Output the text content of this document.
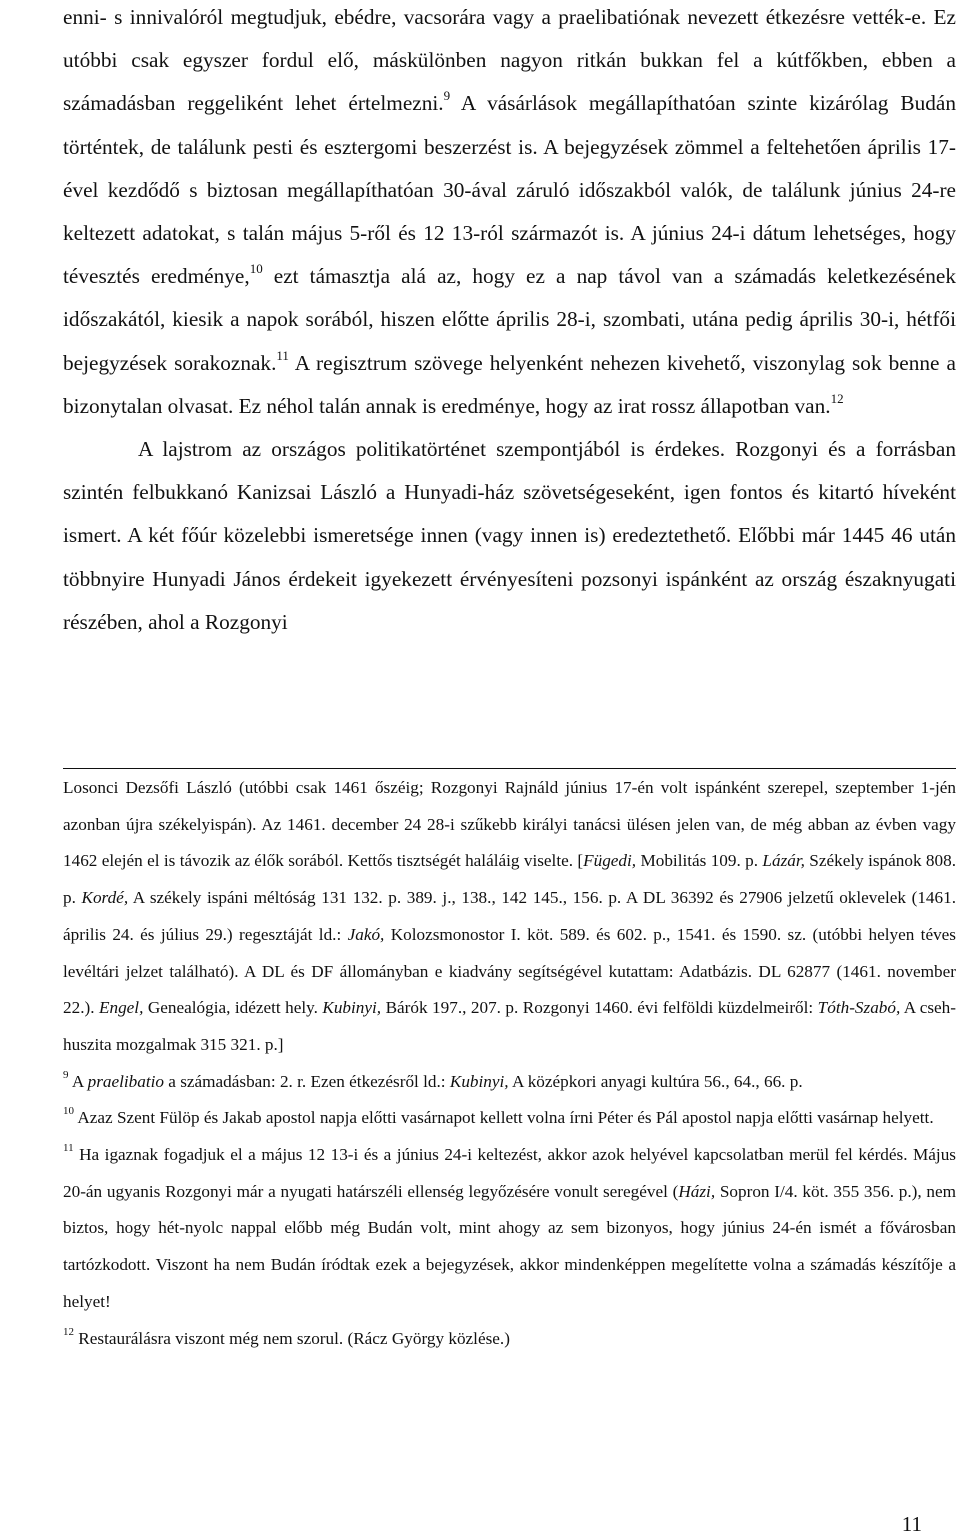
enni- s innivalóról megtudjuk, ebédre, vacsorára vagy a praelibatiónak nevezett étkezésre vették-e. Ez utóbbi csak egyszer fordul elő, máskülönben nagyon ritkán bukkan fel a kútfőkben, ebben a számadásban reggeliként lehet értelmezni.$^9$ A vásárlások megállapíthatóan szinte kizárólag Budán történtek, de találunk pesti és esztergomi beszerzést is. A bejegyzések zömmel a feltehetően április 17-ével kezdődő s biztosan megállapíthatóan 30-ával záruló időszakból valók, de találunk június 24-re keltezett adatokat, s talán május 5-ről és 12 13-ról származót is. A június 24-i dátum lehetséges, hogy tévesztés eredménye,$^{10}$ ezt támasztja alá az, hogy ez a nap távol van a számadás keletkezésének időszakától, kiesik a napok sorából, hiszen előtte április 28-i, szombati, utána pedig április 30-i, hétfői bejegyzések sorakoznak.$^{11}$ A regisztrum szövege helyenként nehezen kivehető, viszonylag sok benne a bizonytalan olvasat. Ez néhol talán annak is eredménye, hogy az irat rossz állapotban van.$^{12}$

A lajstrom az országos politikatörténet szempontjából is érdekes. Rozgonyi és a forrásban szintén felbukkanó Kanizsai László a Hunyadi-ház szövetségeseként, igen fontos és kitartó híveként ismert. A két főúr közelebbi ismeretsége innen (vagy innen is) eredeztethető. Előbbi már 1445 46 után többnyire Hunyadi János érdekeit igyekezett érvényesíteni pozsonyi ispánként az ország északnyugati részében, ahol a Rozgonyi

Losonci Dezsőfi László (utóbbi csak 1461 őszéig; Rozgonyi Rajnáld június 17-én volt ispánként szerepel, szeptember 1-jén azonban újra székelyispán). Az 1461. december 24 28-i szűkebb királyi tanácsi ülésen jelen van, de még abban az évben vagy 1462 elején el is távozik az élők sorából. Kettős tisztségét haláláig viselte. [Fügedi, Mobilitás 109. p. Lázár, Székely ispánok 808. p. Kordé, A székely ispáni méltóság 131 132. p. 389. j., 138., 142 145., 156. p. A DL 36392 és 27906 jelzetű oklevelek (1461. április 24. és július 29.) regesztáját ld.: Jakó, Kolozsmonostor I. köt. 589. és 602. p., 1541. és 1590. sz. (utóbbi helyen téves levéltári jelzet található). A DL és DF állományban e kiadvány segítségével kutattam: Adatbázis. DL 62877 (1461. november 22.). Engel, Genealógia, idézett hely. Kubinyi, Bárók 197., 207. p. Rozgonyi 1460. évi felföldi küzdelmeiről: Tóth-Szabó, A cseh-huszita mozgalmak 315 321. p.]

$^9$ A praelibatio a számadásban: 2. r. Ezen étkezésről ld.: Kubinyi, A középkori anyagi kultúra 56., 64., 66. p.

$^{10}$ Azaz Szent Fülöp és Jakab apostol napja előtti vasárnapot kellett volna írni Péter és Pál apostol napja előtti vasárnap helyett.

$^{11}$ Ha igaznak fogadjuk el a május 12 13-i és a június 24-i keltezést, akkor azok helyével kapcsolatban merül fel kérdés. Május 20-án ugyanis Rozgonyi már a nyugati határszéli ellenség legyőzésére vonult seregével (Házi, Sopron I/4. köt. 355 356. p.), nem biztos, hogy hét-nyolc nappal előbb még Budán volt, mint ahogy az sem bizonyos, hogy június 24-én ismét a fővárosban tartózkodott. Viszont ha nem Budán íródtak ezek a bejegyzések, akkor mindenképpen megelítette volna a számadás készítője a helyet!

$^{12}$ Restaurálásra viszont még nem szorul. (Rácz György közlése.)

11
